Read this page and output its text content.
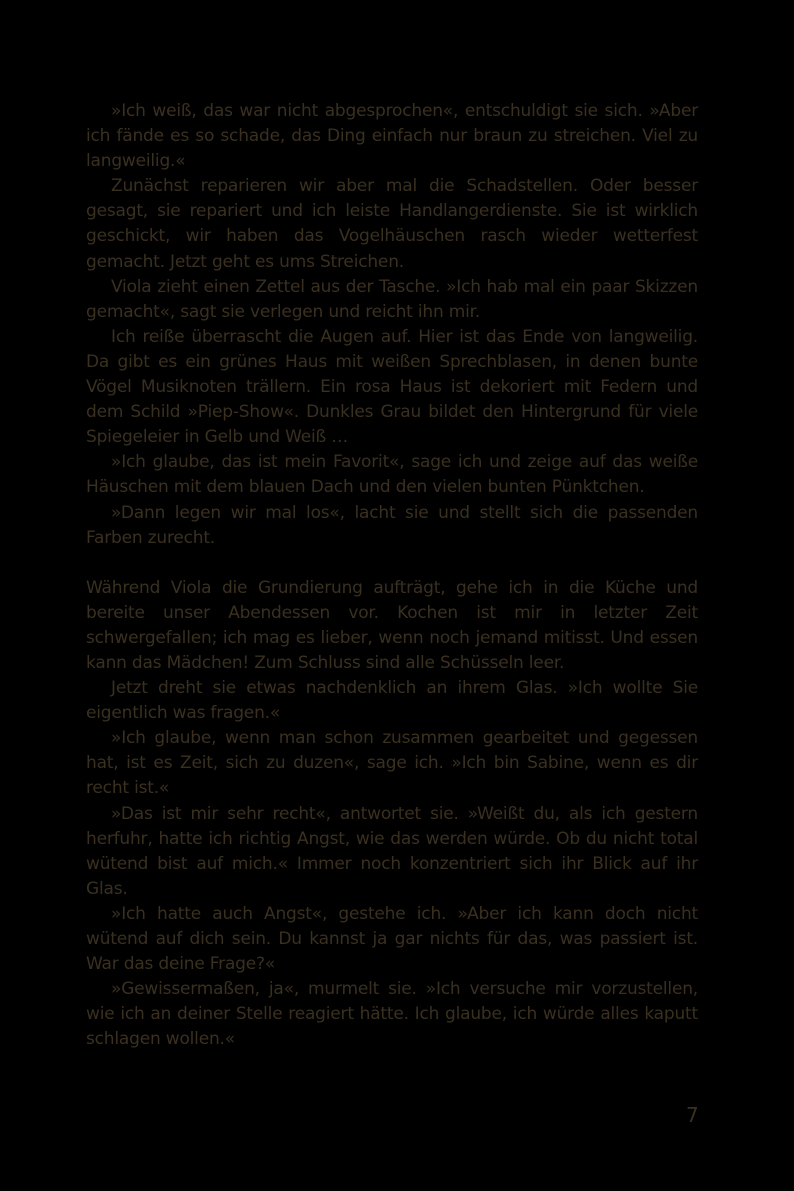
»Ich weiß, das war nicht abgesprochen«, entschuldigt sie sich. »Aber ich fände es so schade, das Ding einfach nur braun zu streichen. Viel zu langweilig.«

Zunächst reparieren wir aber mal die Schadstellen. Oder besser gesagt, sie repariert und ich leiste Handlangerdienste. Sie ist wirklich geschickt, wir haben das Vogelhäuschen rasch wieder wetterfest gemacht. Jetzt geht es ums Streichen.

Viola zieht einen Zettel aus der Tasche. »Ich hab mal ein paar Skizzen gemacht«, sagt sie verlegen und reicht ihn mir.

Ich reiße überrascht die Augen auf. Hier ist das Ende von langweilig. Da gibt es ein grünes Haus mit weißen Sprechblasen, in denen bunte Vögel Musiknoten trällern. Ein rosa Haus ist dekoriert mit Federn und dem Schild »Piep-Show«. Dunkles Grau bildet den Hintergrund für viele Spiegeleier in Gelb und Weiß …

»Ich glaube, das ist mein Favorit«, sage ich und zeige auf das weiße Häuschen mit dem blauen Dach und den vielen bunten Pünktchen.

»Dann legen wir mal los«, lacht sie und stellt sich die passenden Farben zurecht.

Während Viola die Grundierung aufträgt, gehe ich in die Küche und bereite unser Abendessen vor. Kochen ist mir in letzter Zeit schwergefallen; ich mag es lieber, wenn noch jemand mitisst. Und essen kann das Mädchen! Zum Schluss sind alle Schüsseln leer.

Jetzt dreht sie etwas nachdenklich an ihrem Glas. »Ich wollte Sie eigentlich was fragen.«

»Ich glaube, wenn man schon zusammen gearbeitet und gegessen hat, ist es Zeit, sich zu duzen«, sage ich. »Ich bin Sabine, wenn es dir recht ist.«

»Das ist mir sehr recht«, antwortet sie. »Weißt du, als ich gestern herfuhr, hatte ich richtig Angst, wie das werden würde. Ob du nicht total wütend bist auf mich.« Immer noch konzentriert sich ihr Blick auf ihr Glas.

»Ich hatte auch Angst«, gestehe ich. »Aber ich kann doch nicht wütend auf dich sein. Du kannst ja gar nichts für das, was passiert ist. War das deine Frage?«

»Gewissermaßen, ja«, murmelt sie. »Ich versuche mir vorzustellen, wie ich an deiner Stelle reagiert hätte. Ich glaube, ich würde alles kaputt schlagen wollen.«

7
